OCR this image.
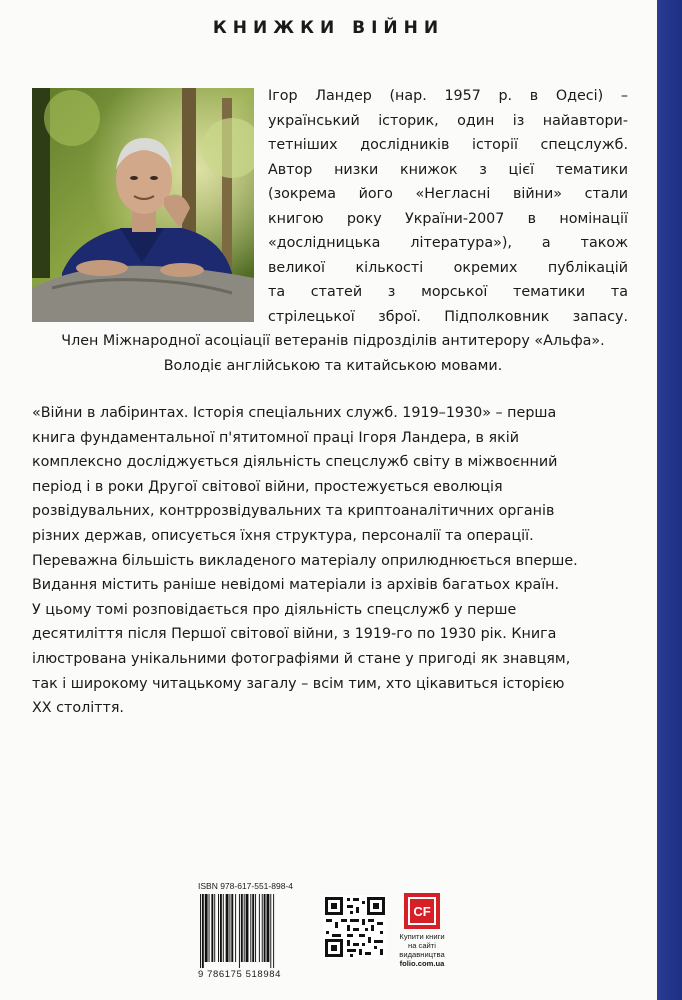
КНИЖКИ ВІЙНИ
Ігор Ландер (нар. 1957 р. в Одесі) –
український історик, один із найавтори-
тетніших дослідників історії спецслужб.
Автор низки книжок з цієї тематики
(зокрема його «Негласні війни» стали
книгою року України-2007 в номінації
«дослідницька література»), а також
великої кількості окремих публікацій
та статей з морської тематики та
стрілецької зброї. Підполковник запасу.
Член Міжнародної асоціації ветеранів підрозділів антитерору «Альфа».
Володіє англійською та китайською мовами.
«Війни в лабіринтах. Історія спеціальних служб. 1919–1930» – перша
книга фундаментальної п'ятитомної праці Ігоря Ландера, в якій
комплексно досліджується діяльність спецслужб світу в міжвоєнний
період і в роки Другої світової війни, простежується еволюція
розвідувальних, контррозвідувальних та криптоаналітичних органів
різних держав, описується їхня структура, персоналії та операції.
Переважна більшість викладеного матеріалу оприлюднюється вперше.
Видання містить раніше невідомі матеріали із архівів багатьох країн.
У цьому томі розповідається про діяльність спецслужб у перше
десятиліття після Першої світової війни, з 1919-го по 1930 рік. Книга
ілюстрована унікальними фотографіями й стане у пригоді як знавцям,
так і широкому читацькому загалу – всім тим, хто цікавиться історією
ХХ століття.
ISBN 978-617-551-898-4
9 786175 518984
CF
Купити книги
на сайті
видавництва
folio.com.ua
